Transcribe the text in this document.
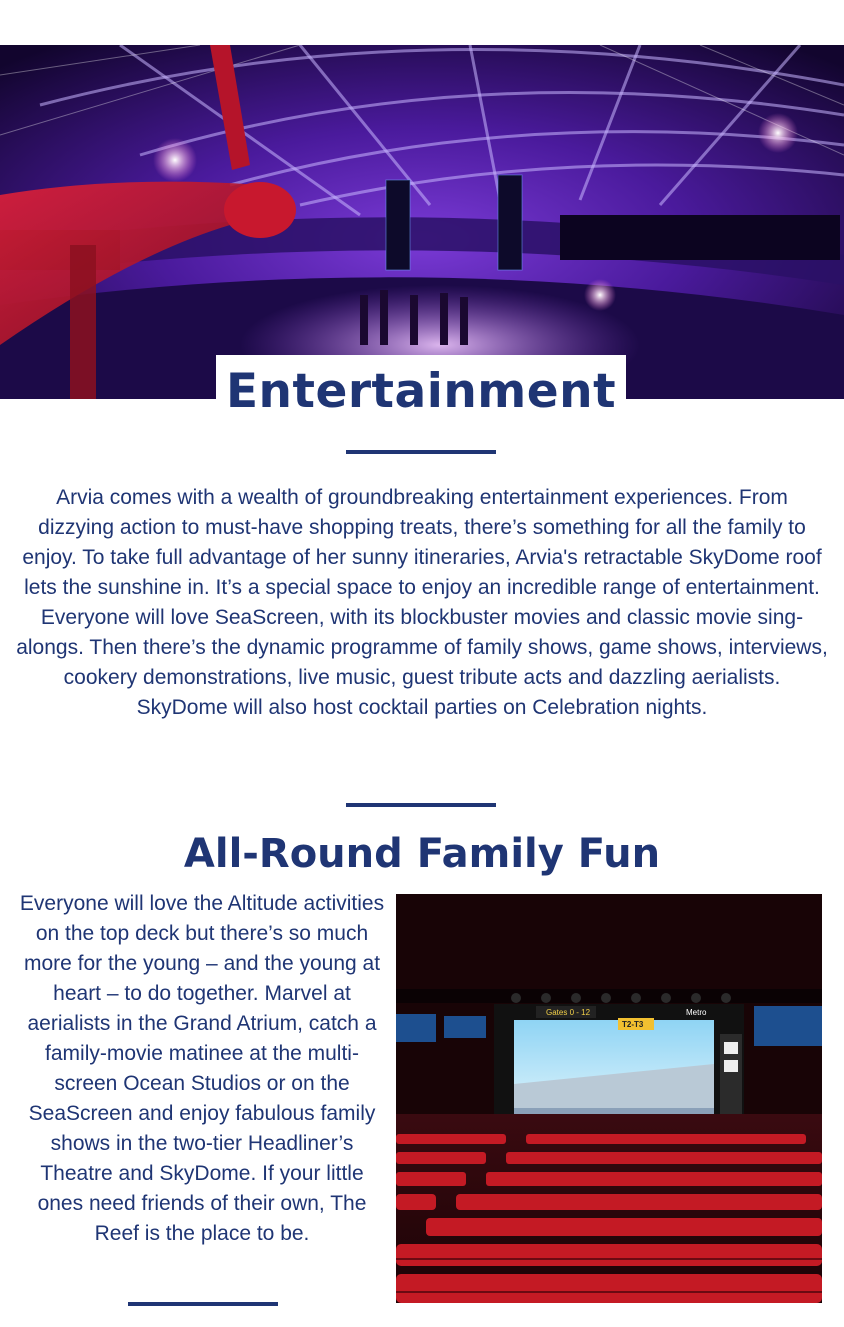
Entertainment

Arvia comes with a wealth of groundbreaking entertainment experiences. From dizzying action to must-have shopping treats, there’s something for all the family to enjoy. To take full advantage of her sunny itineraries, Arvia's retractable SkyDome roof lets the sunshine in. It’s a special space to enjoy an incredible range of entertainment. Everyone will love SeaScreen, with its blockbuster movies and classic movie sing-alongs. Then there’s the dynamic programme of family shows, game shows, interviews, cookery demonstrations, live music, guest tribute acts and dazzling aerialists. SkyDome will also host cocktail parties on Celebration nights.

All-Round Family Fun

Everyone will love the Altitude activities on the top deck but there’s so much more for the young – and the young at heart – to do together. Marvel at aerialists in the Grand Atrium, catch a family-movie matinee at the multi-screen Ocean Studios or on the SeaScreen and enjoy fabulous family shows in the two-tier Headliner’s Theatre and SkyDome. If your little ones need friends of their own, The Reef is the place to be.

Gates 0 - 12
T2-T3
Metro
